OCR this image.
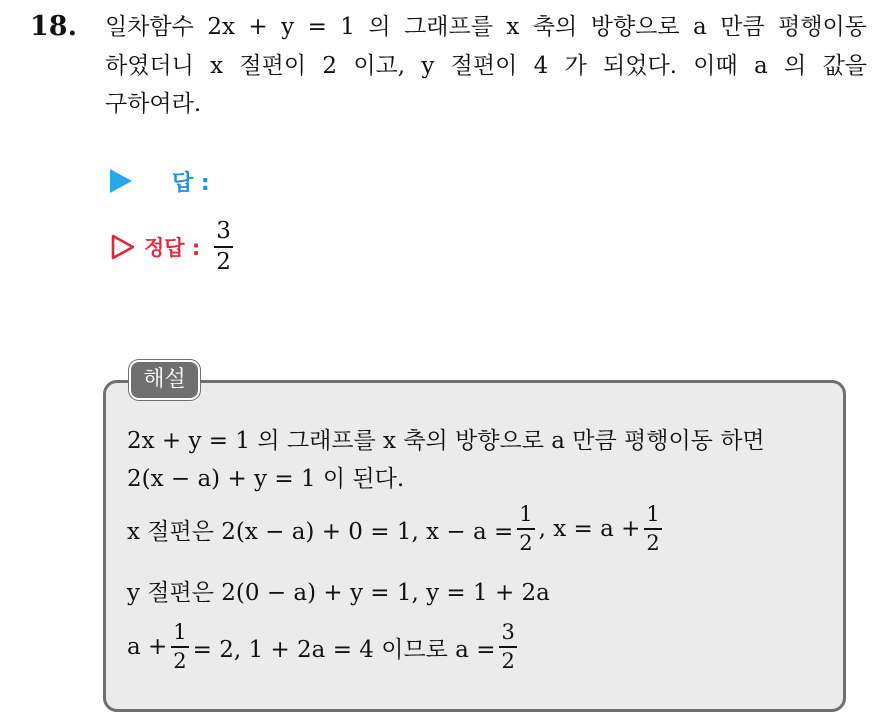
18. 일차함수 2x + y = 1 의 그래프를 x 축의 방향으로 a 만큼 평행이동
하였더니 x 절편이 2 이고, y 절편이 4 가 되었다. 이때 a 의 값을
구하여라.
답 :
정답 : $\frac{3}{2}$
2x + y = 1 의 그래프를 x 축의 방향으로 a 만큼 평행이동 하면
2(x − a) + y = 1 이 된다.
x 절편은 2(x − a) + 0 = 1, $x - a = \frac{1}{2}$ , $x = a + \frac{1}{2}$
y 절편은 2(0 − a) + y = 1, y = 1 + 2a
$a + \frac{1}{2} = 2$, 1 + 2a = 4 이므로 $a = \frac{3}{2}$
해설
